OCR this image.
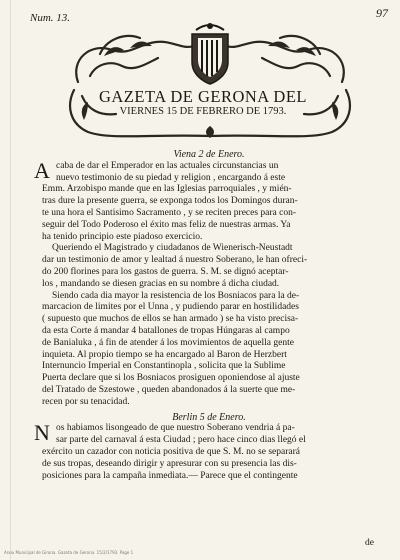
Num. 13.	97
GAZETA DE GERONA DEL
VIERNES 15 DE FEBRERO DE 1793.
Viena 2 de Enero.
A caba de dar el Emperador en las actuales circunstancias un
nuevo testimonio de su piedad y religion , encargando á este
Emm. Arzobispo mande que en las Iglesias parroquiales , y mién-
tras dure la presente guerra, se exponga todos los Domingos duran-
te una hora el Santisimo Sacramento , y se reciten preces para con-
seguir del Todo Poderoso el éxito mas feliz de nuestras armas. Ya
ha tenido principio este piadoso exercicio.
Queriendo el Magistrado y ciudadanos de Wienerisch-Neustadt
dar un testimonio de amor y lealtad á nuestro Soberano, le han ofreci-
do 200 florines para los gastos de guerra. S. M. se dignó aceptar-
los , mandando se diesen gracias en su nombre á dicha ciudad.
Siendo cada dia mayor la resistencia de los Bosniacos para la de-
marcacion de limites por el Unna , y pudiendo parar en hostilidades
( supuesto que muchos de ellos se han armado ) se ha visto precisa-
da esta Corte á mandar 4 batallones de tropas Húngaras al campo
de Banialuka , á fin de atender á los movimientos de aquella gente
inquieta. Al propio tiempo se ha encargado al Baron de Herzbert
Internuncio Imperial en Constantinopla , solicita que la Sublime
Puerta declare que si los Bosniacos prosiguen oponiendose al ajuste
del Tratado de Szestowe , queden abandonados á la suerte que me-
recen por su tenacidad.
Berlin 5 de Enero.
N os habiamos lisongeado de que nuestro Soberano vendria á pa-
sar parte del carnaval á esta Ciudad ; pero hace cinco dias llegó el
exército un cazador con noticia positiva de que S. M. no se separará
de sus tropas, deseando dirigir y apresurar con su presencia las dis-
posiciones para la campaña inmediata.— Parece que el contingente
de
Arxiu Municipal de Girona. Gazeta de Gerona. 15/2/1793. Page 1
